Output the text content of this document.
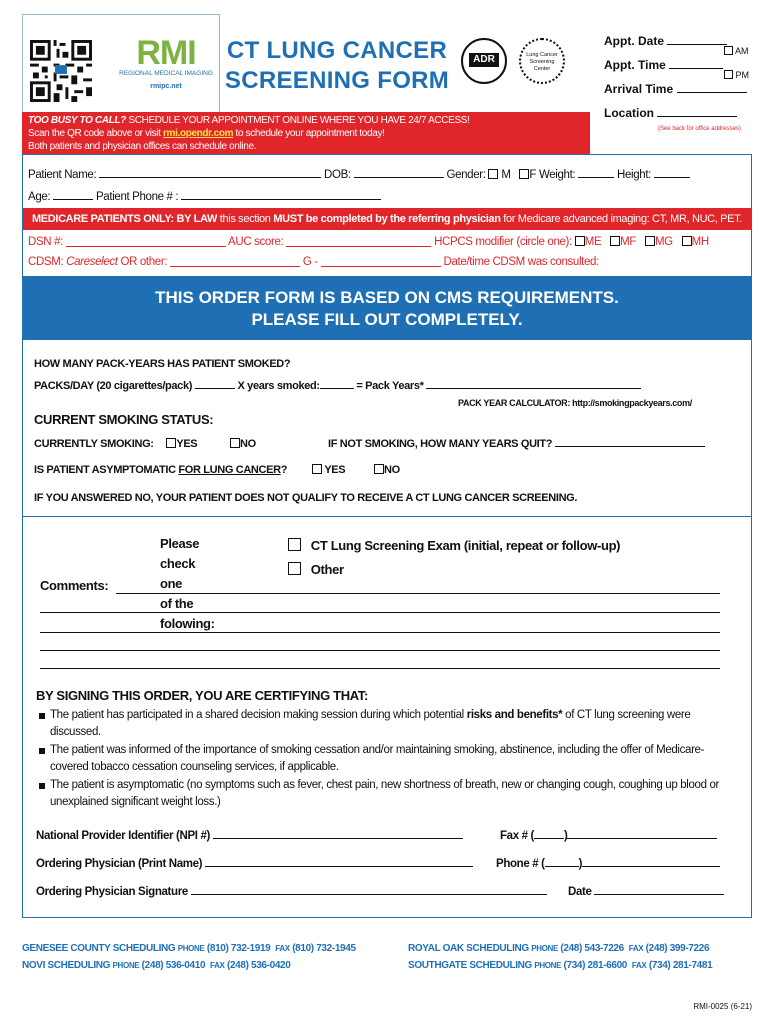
RMI
REGIONAL MEDICAL IMAGING
rmipc.net
CT LUNG CANCER
SCREENING FORM
ADR	Lung Cancer Screening Center
Appt. Date
Appt. Time
Arrival Time
Location
(See back for office addresses)
AM
PM
TOO BUSY TO CALL? SCHEDULE YOUR APPOINTMENT ONLINE WHERE YOU HAVE 24/7 ACCESS!
Scan the QR code above or visit rmi.opendr.com to schedule your appointment today!
Both patients and physician offices can schedule online.
Patient Name:	DOB:	Gender: M F Weight:	Height:
Age:	Patient Phone # :
MEDICARE PATIENTS ONLY: BY LAW this section MUST be completed by the referring physician for Medicare advanced imaging: CT, MR, NUC, PET.
DSN #:	AUC score:	HCPCS modifier (circle one): ME MF MG MH
CDSM: Careselect OR other:	G -	Date/time CDSM was consulted:
THIS ORDER FORM IS BASED ON CMS REQUIREMENTS.
PLEASE FILL OUT COMPLETELY.
HOW MANY PACK-YEARS HAS PATIENT SMOKED?
PACKS/DAY (20 cigarettes/pack)	X years smoked:	= Pack Years*
PACK YEAR CALCULATOR: http://smokingpackyears.com/
CURRENT SMOKING STATUS:
CURRENTLY SMOKING: YES	NO	IF NOT SMOKING, HOW MANY YEARS QUIT?
IS PATIENT ASYMPTOMATIC FOR LUNG CANCER?	YES	NO
IF YOU ANSWERED NO, YOUR PATIENT DOES NOT QUALIFY TO RECEIVE A CT LUNG CANCER SCREENING.
Please check one
of the folowing:
CT Lung Screening Exam (initial, repeat or follow-up)
Other
Comments:
BY SIGNING THIS ORDER, YOU ARE CERTIFYING THAT:
The patient has participated in a shared decision making session during which potential risks and benefits* of CT lung screening were discussed.
The patient was informed of the importance of smoking cessation and/or maintaining smoking, abstinence, including the offer of Medicare-covered tobacco cessation counseling services, if applicable.
The patient is asymptomatic (no symptoms such as fever, chest pain, new shortness of breath, new or changing cough, coughing up blood or unexplained significant weight loss.)
National Provider Identifier (NPI #)	Fax # (	)
Ordering Physician (Print Name)	Phone # (	)
Ordering Physician Signature	Date
GENESEE COUNTY SCHEDULING PHONE (810) 732-1919 FAX (810) 732-1945	ROYAL OAK SCHEDULING PHONE (248) 543-7226 FAX (248) 399-7226
NOVI SCHEDULING PHONE (248) 536-0410 FAX (248) 536-0420	SOUTHGATE SCHEDULING PHONE (734) 281-6600 FAX (734) 281-7481
RMI-0025 (6-21)
